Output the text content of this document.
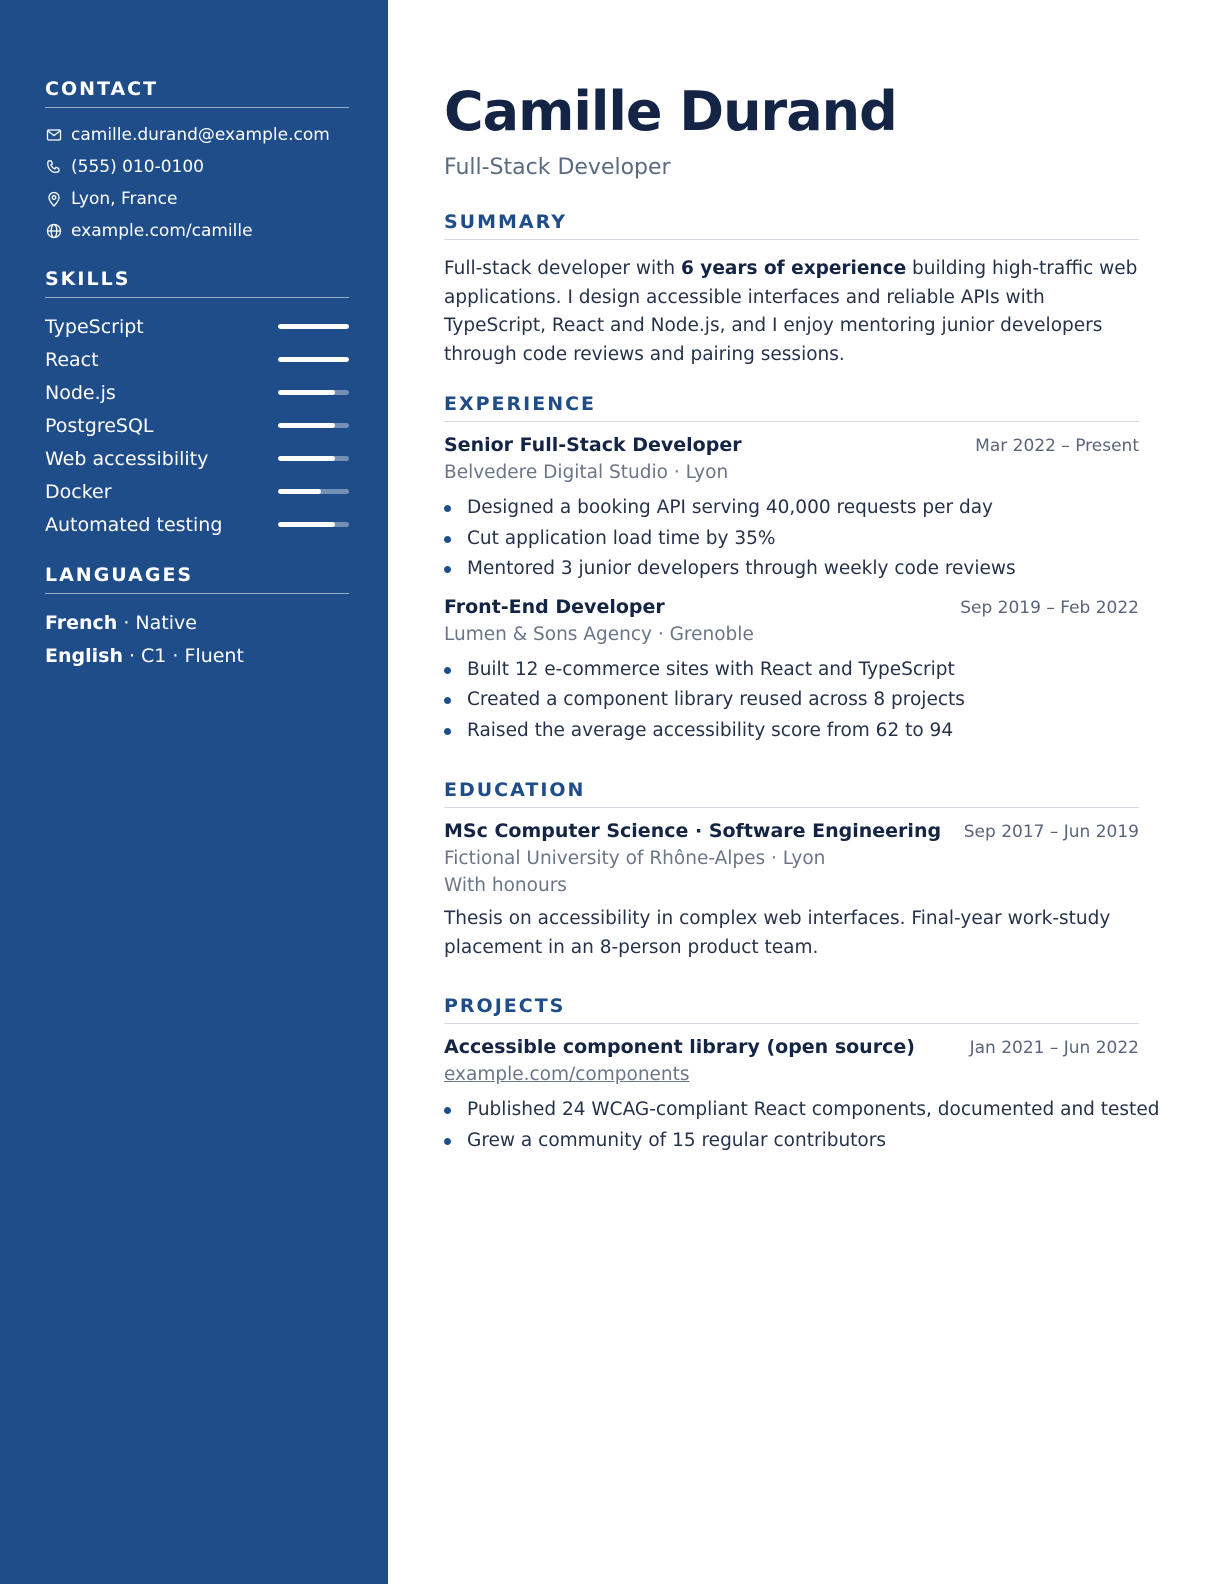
CONTACT
camille.durand@example.com
(555) 010-0100
Lyon, France
example.com/camille
SKILLS
TypeScript
React
Node.js
PostgreSQL
Web accessibility
Docker
Automated testing
LANGUAGES
French · Native
English · C1 · Fluent
Camille Durand
Full-Stack Developer
SUMMARY

Full-stack developer with 6 years of experience building high-traffic web applications. I design accessible interfaces and reliable APIs with TypeScript, React and Node.js, and I enjoy mentoring junior developers through code reviews and pairing sessions.

EXPERIENCE
Senior Full-Stack Developer	Mar 2022 – Present
Belvedere Digital Studio · Lyon
Designed a booking API serving 40,000 requests per day
Cut application load time by 35%
Mentored 3 junior developers through weekly code reviews
Front-End Developer	Sep 2019 – Feb 2022
Lumen & Sons Agency · Grenoble
Built 12 e-commerce sites with React and TypeScript
Created a component library reused across 8 projects
Raised the average accessibility score from 62 to 94
EDUCATION
MSc Computer Science · Software Engineering Sep 2017 – Jun 2019
Fictional University of Rhône-Alpes · Lyon
With honours

Thesis on accessibility in complex web interfaces. Final-year work-study placement in an 8-person product team.

PROJECTS
Accessible component library (open source)	Jan 2021 – Jun 2022
example.com/components
Published 24 WCAG-compliant React components, documented and tested
Grew a community of 15 regular contributors
